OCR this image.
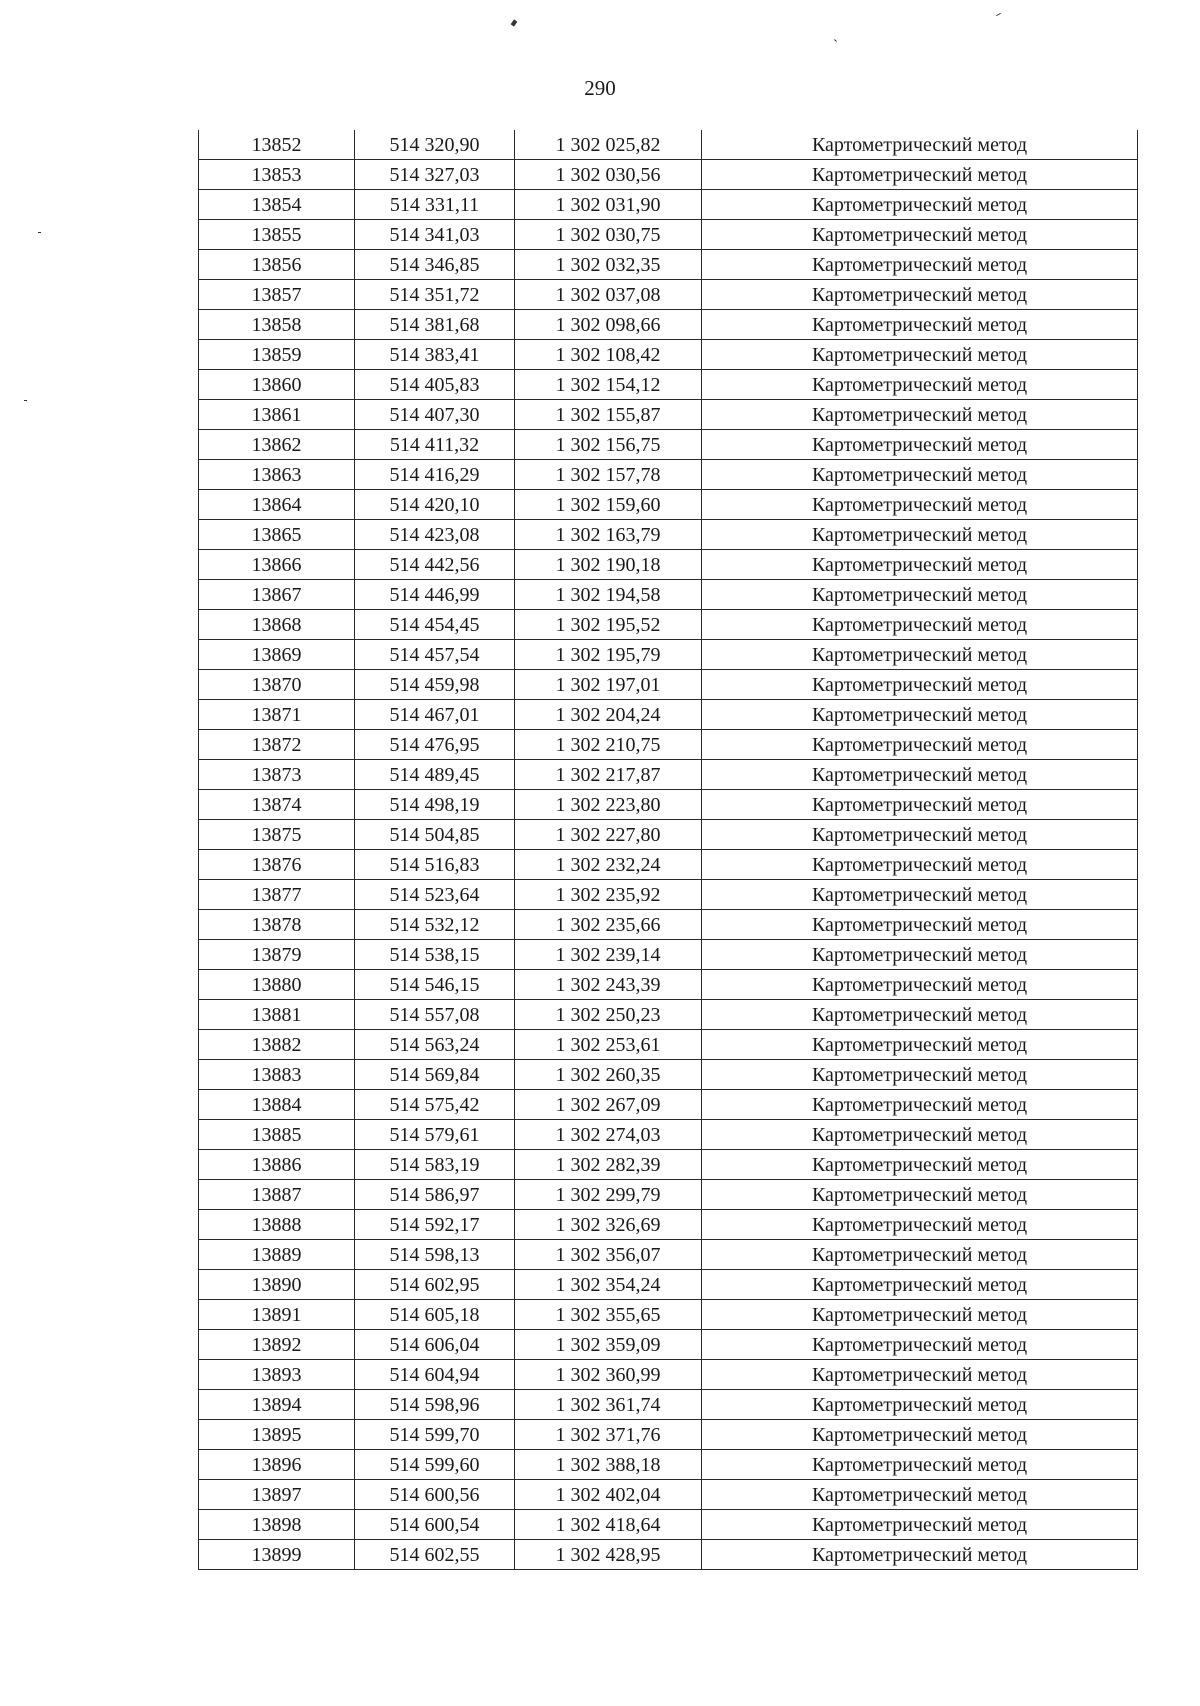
290
13852	514 320,90	1 302 025,82	Картометрический метод
13853	514 327,03	1 302 030,56	Картометрический метод
13854	514 331,11	1 302 031,90	Картометрический метод
13855	514 341,03	1 302 030,75	Картометрический метод
13856	514 346,85	1 302 032,35	Картометрический метод
13857	514 351,72	1 302 037,08	Картометрический метод
13858	514 381,68	1 302 098,66	Картометрический метод
13859	514 383,41	1 302 108,42	Картометрический метод
13860	514 405,83	1 302 154,12	Картометрический метод
13861	514 407,30	1 302 155,87	Картометрический метод
13862	514 411,32	1 302 156,75	Картометрический метод
13863	514 416,29	1 302 157,78	Картометрический метод
13864	514 420,10	1 302 159,60	Картометрический метод
13865	514 423,08	1 302 163,79	Картометрический метод
13866	514 442,56	1 302 190,18	Картометрический метод
13867	514 446,99	1 302 194,58	Картометрический метод
13868	514 454,45	1 302 195,52	Картометрический метод
13869	514 457,54	1 302 195,79	Картометрический метод
13870	514 459,98	1 302 197,01	Картометрический метод
13871	514 467,01	1 302 204,24	Картометрический метод
13872	514 476,95	1 302 210,75	Картометрический метод
13873	514 489,45	1 302 217,87	Картометрический метод
13874	514 498,19	1 302 223,80	Картометрический метод
13875	514 504,85	1 302 227,80	Картометрический метод
13876	514 516,83	1 302 232,24	Картометрический метод
13877	514 523,64	1 302 235,92	Картометрический метод
13878	514 532,12	1 302 235,66	Картометрический метод
13879	514 538,15	1 302 239,14	Картометрический метод
13880	514 546,15	1 302 243,39	Картометрический метод
13881	514 557,08	1 302 250,23	Картометрический метод
13882	514 563,24	1 302 253,61	Картометрический метод
13883	514 569,84	1 302 260,35	Картометрический метод
13884	514 575,42	1 302 267,09	Картометрический метод
13885	514 579,61	1 302 274,03	Картометрический метод
13886	514 583,19	1 302 282,39	Картометрический метод
13887	514 586,97	1 302 299,79	Картометрический метод
13888	514 592,17	1 302 326,69	Картометрический метод
13889	514 598,13	1 302 356,07	Картометрический метод
13890	514 602,95	1 302 354,24	Картометрический метод
13891	514 605,18	1 302 355,65	Картометрический метод
13892	514 606,04	1 302 359,09	Картометрический метод
13893	514 604,94	1 302 360,99	Картометрический метод
13894	514 598,96	1 302 361,74	Картометрический метод
13895	514 599,70	1 302 371,76	Картометрический метод
13896	514 599,60	1 302 388,18	Картометрический метод
13897	514 600,56	1 302 402,04	Картометрический метод
13898	514 600,54	1 302 418,64	Картометрический метод
13899	514 602,55	1 302 428,95	Картометрический метод
